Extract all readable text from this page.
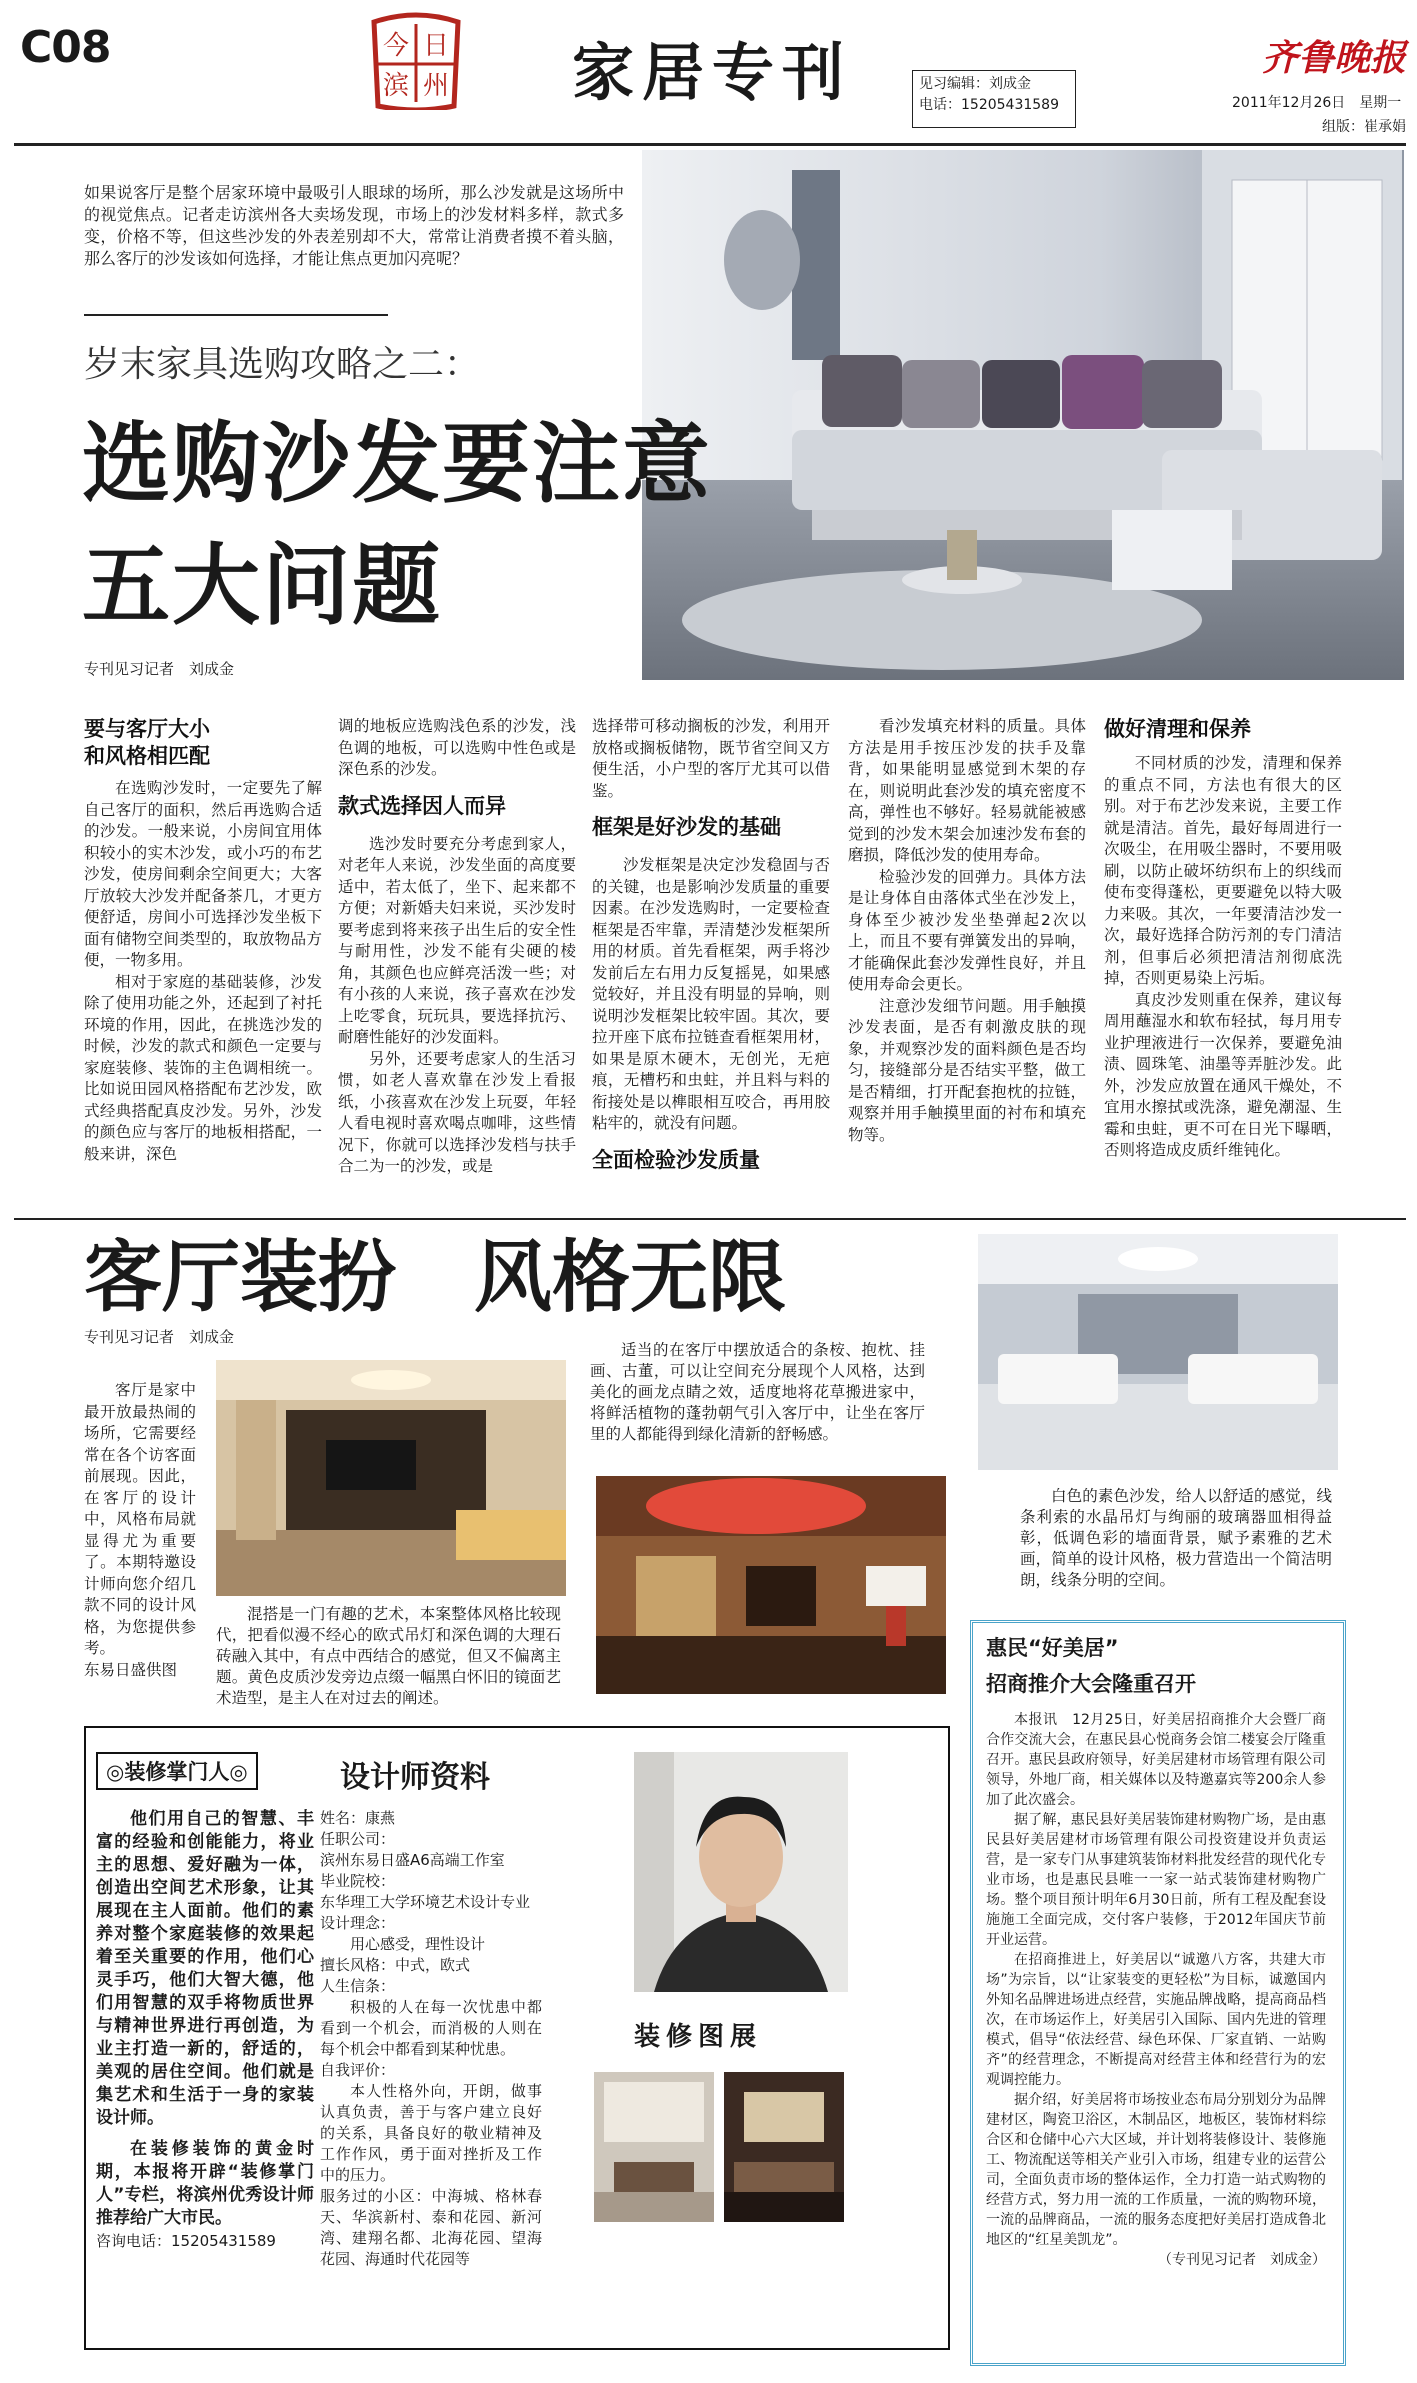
C08	今 日
滨 州 家居专刊	见习编辑：刘成金
电话：15205431589
齐鲁晚报
2011年12月26日　星期一
组版：崔承娟
如果说客厅是整个居家环境中最吸引人眼球的场所，那么沙发就是这场所中的视觉焦点。记者走访滨州各大卖场发现，市场上的沙发材料多样，款式多变，价格不等，但这些沙发的外表差别却不大，常常让消费者摸不着头脑，那么客厅的沙发该如何选择，才能让焦点更加闪亮呢？
岁末家具选购攻略之二：
选购沙发要注意
五大问题
专刊见习记者　刘成金
要与客厅大小
和风格相匹配

在选购沙发时，一定要先了解自己客厅的面积，然后再选购合适的沙发。一般来说，小房间宜用体积较小的实木沙发，或小巧的布艺沙发，使房间剩余空间更大；大客厅放较大沙发并配备茶几，才更方便舒适，房间小可选择沙发坐板下面有储物空间类型的，取放物品方便，一物多用。

相对于家庭的基础装修，沙发除了使用功能之外，还起到了衬托环境的作用，因此，在挑选沙发的时候，沙发的款式和颜色一定要与家庭装修、装饰的主色调相统一。比如说田园风格搭配布艺沙发，欧式经典搭配真皮沙发。另外，沙发的颜色应与客厅的地板相搭配，一般来讲，深色

调的地板应选购浅色系的沙发，浅色调的地板，可以选购中性色或是深色系的沙发。

款式选择因人而异

选沙发时要充分考虑到家人，对老年人来说，沙发坐面的高度要适中，若太低了，坐下、起来都不方便；对新婚夫妇来说，买沙发时要考虑到将来孩子出生后的安全性与耐用性，沙发不能有尖硬的棱角，其颜色也应鲜亮活泼一些；对有小孩的人来说，孩子喜欢在沙发上吃零食，玩玩具，要选择抗污、耐磨性能好的沙发面料。

另外，还要考虑家人的生活习惯，如老人喜欢靠在沙发上看报纸，小孩喜欢在沙发上玩耍，年轻人看电视时喜欢喝点咖啡，这些情况下，你就可以选择沙发档与扶手合二为一的沙发，或是

选择带可移动搁板的沙发，利用开放格或搁板储物，既节省空间又方便生活，小户型的客厅尤其可以借鉴。

框架是好沙发的基础

沙发框架是决定沙发稳固与否的关键，也是影响沙发质量的重要因素。在沙发选购时，一定要检查框架是否牢靠，弄清楚沙发框架所用的材质。首先看框架，两手将沙发前后左右用力反复摇晃，如果感觉较好，并且没有明显的异响，则说明沙发框架比较牢固。其次，要拉开座下底布拉链查看框架用材，如果是原木硬木，无创光，无疤痕，无槽朽和虫蛀，并且料与料的衔接处是以榫眼相互咬合，再用胶粘牢的，就没有问题。

全面检验沙发质量

看沙发填充材料的质量。具体方法是用手按压沙发的扶手及靠背，如果能明显感觉到木架的存在，则说明此套沙发的填充密度不高，弹性也不够好。轻易就能被感觉到的沙发木架会加速沙发布套的磨损，降低沙发的使用寿命。

检验沙发的回弹力。具体方法是让身体自由落体式坐在沙发上，身体至少被沙发坐垫弹起2次以上，而且不要有弹簧发出的异响，才能确保此套沙发弹性良好，并且使用寿命会更长。

注意沙发细节问题。用手触摸沙发表面，是否有刺激皮肤的现象，并观察沙发的面料颜色是否均匀，接缝部分是否结实平整，做工是否精细，打开配套抱枕的拉链，观察并用手触摸里面的衬布和填充物等。

做好清理和保养

不同材质的沙发，清理和保养的重点不同，方法也有很大的区别。对于布艺沙发来说，主要工作就是清洁。首先，最好每周进行一次吸尘，在用吸尘器时，不要用吸刷，以防止破坏纺织布上的织线而使布变得蓬松，更要避免以特大吸力来吸。其次，一年要清洁沙发一次，最好选择合防污剂的专门清洁剂，但事后必须把清洁剂彻底洗掉，否则更易染上污垢。

真皮沙发则重在保养，建议每周用蘸湿水和软布轻拭，每月用专业护理液进行一次保养，要避免油渍、圆珠笔、油墨等弄脏沙发。此外，沙发应放置在通风干燥处，不宜用水擦拭或洗涤，避免潮湿、生霉和虫蛀，更不可在日光下曝晒，否则将造成皮质纤维钝化。

客厅装扮　风格无限
专刊见习记者　刘成金
客厅是家中最开放最热闹的场所，它需要经常在各个访客面前展现。因此，在客厅的设计中，风格布局就显得尤为重要了。本期特邀设计师向您介绍几款不同的设计风格，为您提供参考。
东易日盛供图
混搭是一门有趣的艺术，本案整体风格比较现代，把看似漫不经心的欧式吊灯和深色调的大理石砖融入其中，有点中西结合的感觉，但又不偏离主题。黄色皮质沙发旁边点缀一幅黑白怀旧的镜面艺术造型，是主人在对过去的阐述。
适当的在客厅中摆放适合的条桉、抱枕、挂画、古董，可以让空间充分展现个人风格，达到美化的画龙点睛之效，适度地将花草搬进家中，将鲜活植物的蓬勃朝气引入客厅中，让坐在客厅里的人都能得到绿化清新的舒畅感。
白色的素色沙发，给人以舒适的感觉，线条利索的水晶吊灯与绚丽的玻璃器皿相得益彰，低调色彩的墙面背景，赋予素雅的艺术画，简单的设计风格，极力营造出一个简洁明朗，线条分明的空间。
◎装修掌门人◎

他们用自己的智慧、丰富的经验和创能能力，将业主的思想、爱好融为一体，创造出空间艺术形象，让其展现在主人面前。他们的素养对整个家庭装修的效果起着至关重要的作用，他们心灵手巧，他们大智大德，他们用智慧的双手将物质世界与精神世界进行再创造，为业主打造一新的，舒适的，美观的居住空间。他们就是集艺术和生活于一身的家装设计师。

在装修装饰的黄金时期，本报将开辟“装修掌门人”专栏，将滨州优秀设计师推荐给广大市民。

咨询电话：15205431589
设计师资料
姓名：康燕
任职公司：
滨州东易日盛A6高端工作室
毕业院校：
东华理工大学环境艺术设计专业
设计理念：
用心感受，理性设计
擅长风格：中式，欧式
人生信条：
积极的人在每一次忧患中都看到一个机会，而消极的人则在每个机会中都看到某种忧患。
自我评价：
本人性格外向，开朗，做事认真负责，善于与客户建立良好的关系，具备良好的敬业精神及工作作风，勇于面对挫折及工作中的压力。
服务过的小区：中海城、格林春天、华滨新村、泰和花园、新河湾、建翔名都、北海花园、望海花园、海通时代花园等
装修图展
惠民“好美居”
招商推介大会隆重召开

本报讯　12月25日，好美居招商推介大会暨厂商合作交流大会，在惠民县心悦商务会馆二楼宴会厅隆重召开。惠民县政府领导，好美居建材市场管理有限公司领导，外地厂商，相关媒体以及特邀嘉宾等200余人参加了此次盛会。

据了解，惠民县好美居装饰建材购物广场，是由惠民县好美居建材市场管理有限公司投资建设并负责运营，是一家专门从事建筑装饰材料批发经营的现代化专业市场，也是惠民县唯一一家一站式装饰建材购物广场。整个项目预计明年6月30日前，所有工程及配套设施施工全面完成，交付客户装修，于2012年国庆节前开业运营。

在招商推进上，好美居以“诚邀八方客，共建大市场”为宗旨，以“让家装变的更轻松”为目标，诚邀国内外知名品牌进场进点经营，实施品牌战略，提高商品档次，在市场运作上，好美居引入国际、国内先进的管理模式，倡导“依法经营、绿色环保、厂家直销、一站购齐”的经营理念，不断提高对经营主体和经营行为的宏观调控能力。

据介绍，好美居将市场按业态布局分别划分为品牌建材区，陶瓷卫浴区，木制品区，地板区，装饰材料综合区和仓储中心六大区域，并计划将装修设计、装修施工、物流配送等相关产业引入市场，组建专业的运营公司，全面负责市场的整体运作，全力打造一站式购物的经营方式，努力用一流的工作质量，一流的购物环境，一流的品牌商品，一流的服务态度把好美居打造成鲁北地区的“红星美凯龙”。

（专刊见习记者　刘成金）
